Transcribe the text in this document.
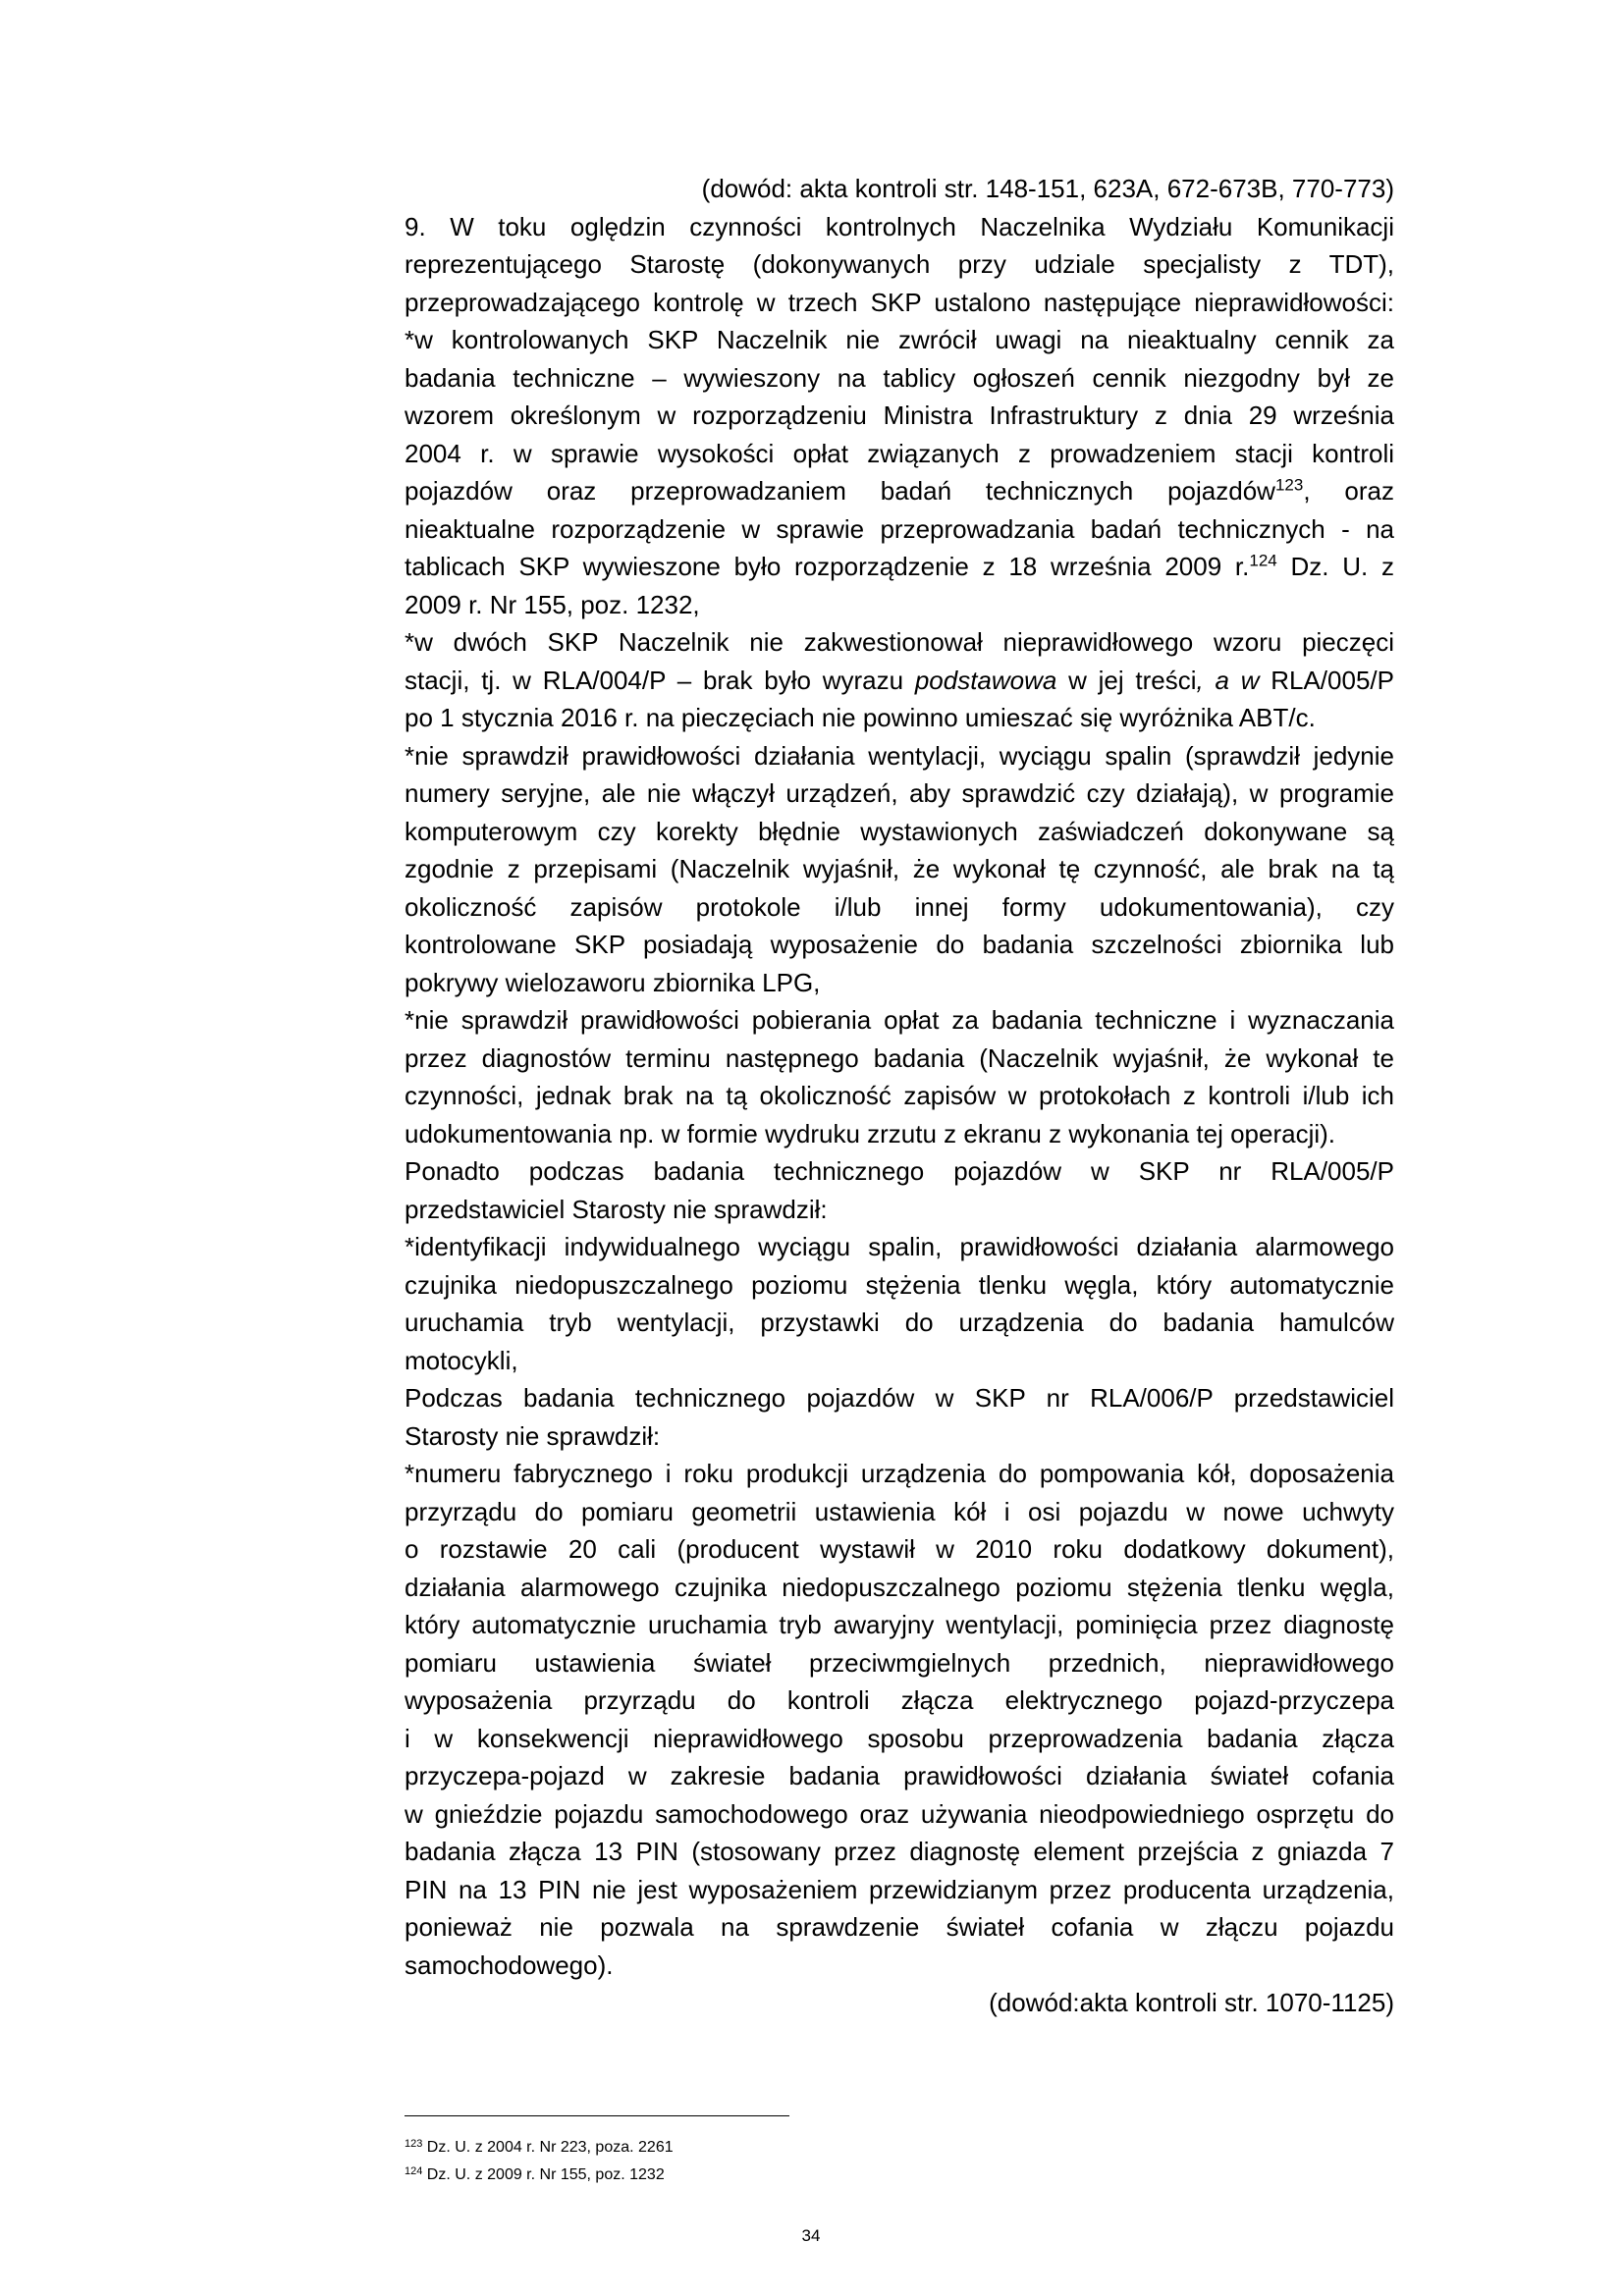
(dowód: akta kontroli str. 148-151, 623A, 672-673B, 770-773)

9. W toku oględzin czynności kontrolnych Naczelnika Wydziału Komunikacji
reprezentującego Starostę (dokonywanych przy udziale specjalisty z TDT),
przeprowadzającego kontrolę w trzech SKP ustalono następujące nieprawidłowości:
*w kontrolowanych SKP Naczelnik nie zwrócił uwagi na nieaktualny cennik za
badania techniczne – wywieszony na tablicy ogłoszeń cennik niezgodny był ze
wzorem określonym w rozporządzeniu Ministra Infrastruktury z dnia 29 września
2004 r. w sprawie wysokości opłat związanych z prowadzeniem stacji kontroli
pojazdów oraz przeprowadzaniem badań technicznych pojazdów$^{123}$, oraz
nieaktualne rozporządzenie w sprawie przeprowadzania badań technicznych - na
tablicach SKP wywieszone było rozporządzenie z 18 września 2009 r.$^{124}$ Dz. U. z
2009 r. Nr 155, poz. 1232,

*w dwóch SKP Naczelnik nie zakwestionował nieprawidłowego wzoru pieczęci
stacji, tj. w RLA/004/P – brak było wyrazu podstawowa w jej treści, a w RLA/005/P
po 1 stycznia 2016 r. na pieczęciach nie powinno umieszać się wyróżnika ABT/c.

*nie sprawdził prawidłowości działania wentylacji, wyciągu spalin (sprawdził jedynie
numery seryjne, ale nie włączył urządzeń, aby sprawdzić czy działają), w programie
komputerowym czy korekty błędnie wystawionych zaświadczeń dokonywane są
zgodnie z przepisami (Naczelnik wyjaśnił, że wykonał tę czynność, ale brak na tą
okoliczność zapisów protokole i/lub innej formy udokumentowania), czy
kontrolowane SKP posiadają wyposażenie do badania szczelności zbiornika lub
pokrywy wielozaworu zbiornika LPG,

*nie sprawdził prawidłowości pobierania opłat za badania techniczne i wyznaczania
przez diagnostów terminu następnego badania (Naczelnik wyjaśnił, że wykonał te
czynności, jednak brak na tą okoliczność zapisów w protokołach z kontroli i/lub ich
udokumentowania np. w formie wydruku zrzutu z ekranu z wykonania tej operacji).

Ponadto podczas badania technicznego pojazdów w SKP nr RLA/005/P
przedstawiciel Starosty nie sprawdził:

*identyfikacji indywidualnego wyciągu spalin, prawidłowości działania alarmowego
czujnika niedopuszczalnego poziomu stężenia tlenku węgla, który automatycznie
uruchamia tryb wentylacji, przystawki do urządzenia do badania hamulców
motocykli,

Podczas badania technicznego pojazdów w SKP nr RLA/006/P przedstawiciel
Starosty nie sprawdził:

*numeru fabrycznego i roku produkcji urządzenia do pompowania kół, doposażenia
przyrządu do pomiaru geometrii ustawienia kół i osi pojazdu w nowe uchwyty
o rozstawie 20 cali (producent wystawił w 2010 roku dodatkowy dokument),
działania alarmowego czujnika niedopuszczalnego poziomu stężenia tlenku węgla,
który automatycznie uruchamia tryb awaryjny wentylacji, pominięcia przez diagnostę
pomiaru ustawienia świateł przeciwmgielnych przednich, nieprawidłowego
wyposażenia przyrządu do kontroli złącza elektrycznego pojazd-przyczepa
i w konsekwencji nieprawidłowego sposobu przeprowadzenia badania złącza
przyczepa-pojazd w zakresie badania prawidłowości działania świateł cofania
w gnieździe pojazdu samochodowego oraz używania nieodpowiedniego osprzętu do
badania złącza 13 PIN (stosowany przez diagnostę element przejścia z gniazda 7
PIN na 13 PIN nie jest wyposażeniem przewidzianym przez producenta urządzenia,
ponieważ nie pozwala na sprawdzenie świateł cofania w złączu pojazdu
samochodowego).

(dowód:akta kontroli str. 1070-1125)

$^{123}$ Dz. U. z 2004 r. Nr 223, poza. 2261
$^{124}$ Dz. U. z 2009 r. Nr 155, poz. 1232
34
